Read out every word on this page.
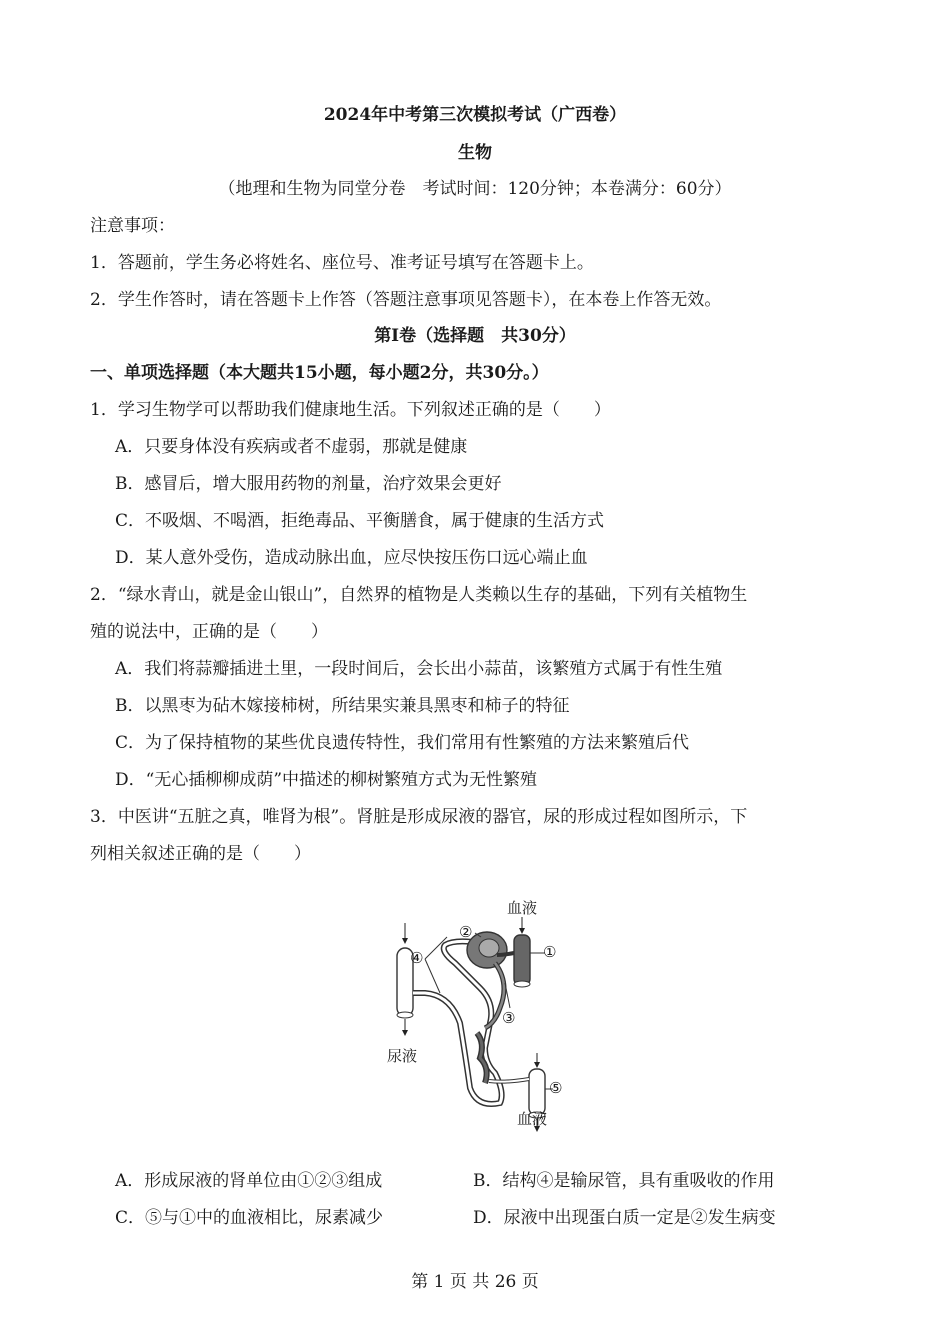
2024年中考第三次模拟考试（广西卷）
生物
（地理和生物为同堂分卷　考试时间：120分钟；本卷满分：60分）
注意事项：
1．答题前，学生务必将姓名、座位号、准考证号填写在答题卡上。
2．学生作答时，请在答题卡上作答（答题注意事项见答题卡），在本卷上作答无效。
第Ⅰ卷（选择题　共30分）
一、单项选择题（本大题共15小题，每小题2分，共30分。）
1．学习生物学可以帮助我们健康地生活。下列叙述正确的是（　　）
A．只要身体没有疾病或者不虚弱，那就是健康
B．感冒后，增大服用药物的剂量，治疗效果会更好
C．不吸烟、不喝酒，拒绝毒品、平衡膳食，属于健康的生活方式
D．某人意外受伤，造成动脉出血，应尽快按压伤口远心端止血
2．“绿水青山，就是金山银山”，自然界的植物是人类赖以生存的基础，下列有关植物生
殖的说法中，正确的是（　　）
A．我们将蒜瓣插进土里，一段时间后，会长出小蒜苗，该繁殖方式属于有性生殖
B．以黑枣为砧木嫁接柿树，所结果实兼具黑枣和柿子的特征
C．为了保持植物的某些优良遗传特性，我们常用有性繁殖的方法来繁殖后代
D．“无心插柳柳成荫”中描述的柳树繁殖方式为无性繁殖
3．中医讲“五脏之真，唯肾为根”。肾脏是形成尿液的器官，尿的形成过程如图所示，下
列相关叙述正确的是（　　）
血液
尿液
血液
①
②
③
④
⑤
A．形成尿液的肾单位由①②③组成	B．结构④是输尿管，具有重吸收的作用
C．⑤与①中的血液相比，尿素减少	D．尿液中出现蛋白质一定是②发生病变
第 1 页 共 26 页
